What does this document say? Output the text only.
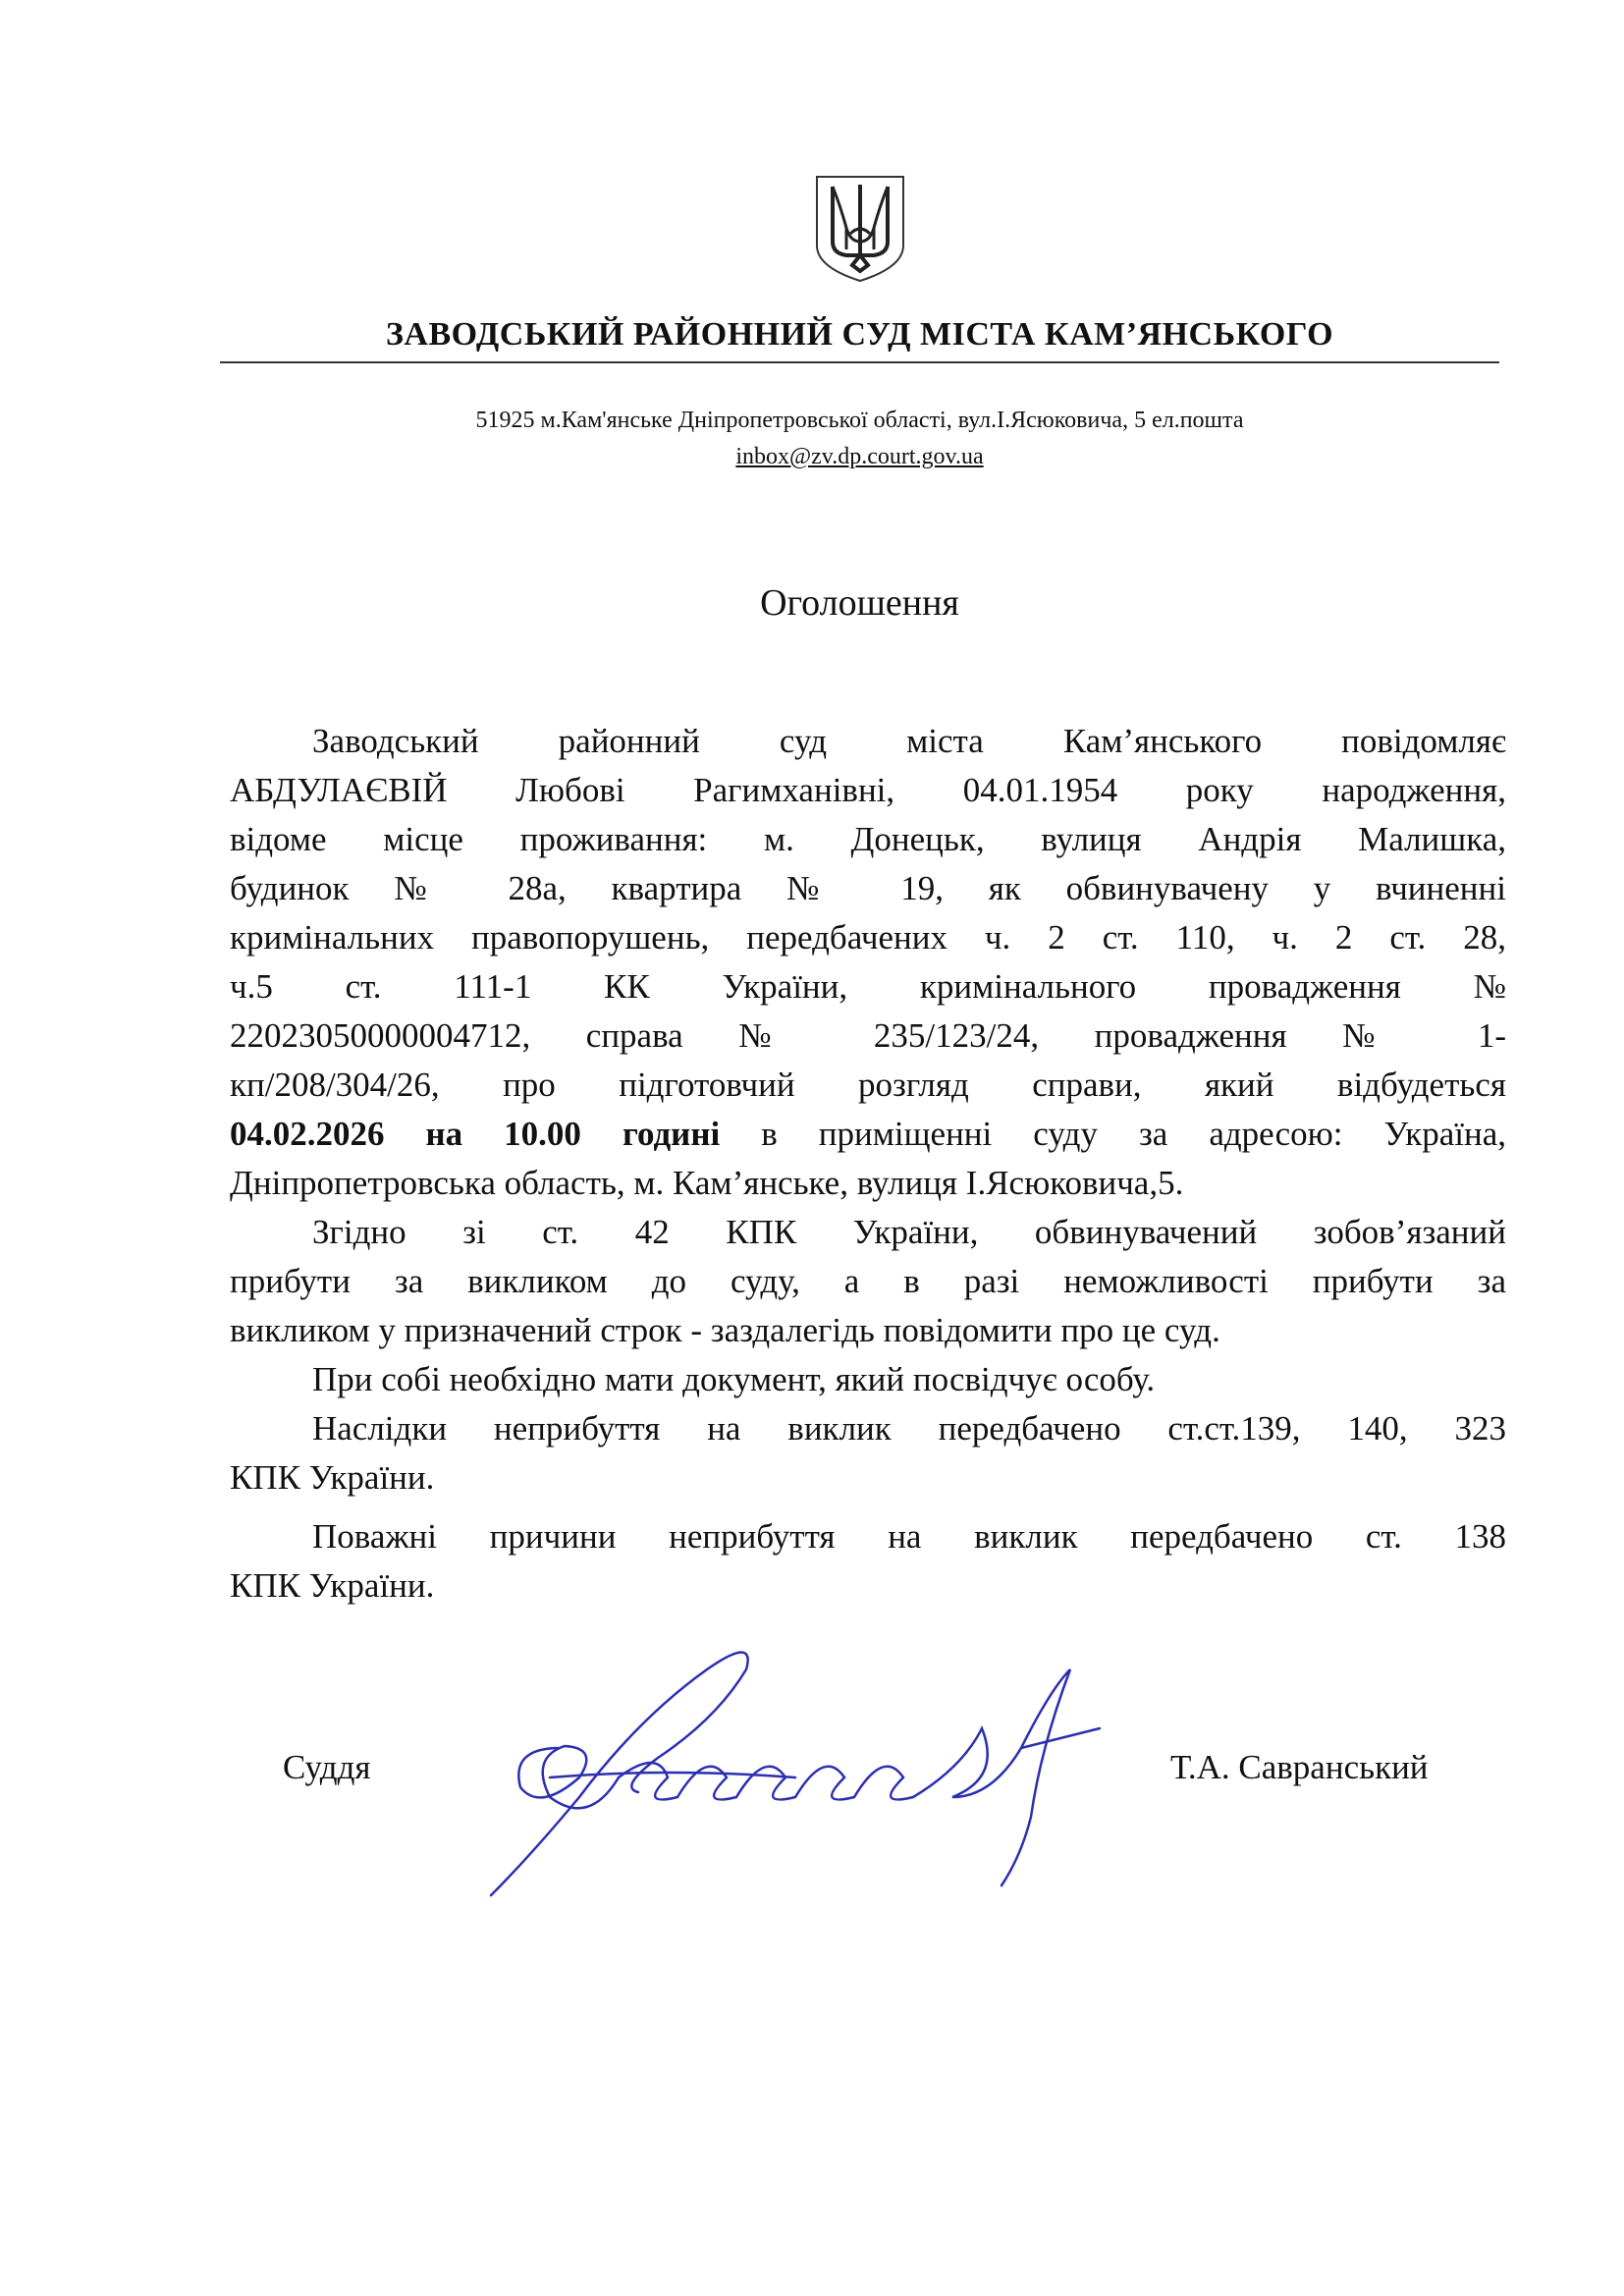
ЗАВОДСЬКИЙ РАЙОННИЙ СУД МІСТА КАМ’ЯНСЬКОГО
51925 м.Кам'янське Дніпропетровської області, вул.І.Ясюковича, 5 ел.пошта
inbox@zv.dp.court.gov.ua
Оголошення
Заводський районний суд міста Кам’янського повідомляє
АБДУЛАЄВІЙ Любові Рагимханівні, 04.01.1954 року народження,
відоме місце проживання: м. Донецьк, вулиця Андрія Малишка,
будинок № 28а, квартира № 19, як обвинувачену у вчиненні
кримінальних правопорушень, передбачених ч. 2 ст. 110, ч. 2 ст. 28,
ч.5 ст. 111-1 КК України, кримінального провадження №
22023050000004712, справа № 235/123/24, провадження № 1-
кп/208/304/26, про підготовчий розгляд справи, який відбудеться
04.02.2026 на 10.00 годині в приміщенні суду за адресою: Україна,
Дніпропетровська область, м. Кам’янське, вулиця І.Ясюковича,5.
Згідно зі ст. 42 КПК України, обвинувачений зобов’язаний
прибути за викликом до суду, а в разі неможливості прибути за
викликом у призначений строк - заздалегідь повідомити про це суд.
При собі необхідно мати документ, який посвідчує особу.
Наслідки неприбуття на виклик передбачено ст.ст.139, 140, 323
КПК України.
Поважні причини неприбуття на виклик передбачено ст. 138
КПК України.
Суддя	Т.А. Савранський
